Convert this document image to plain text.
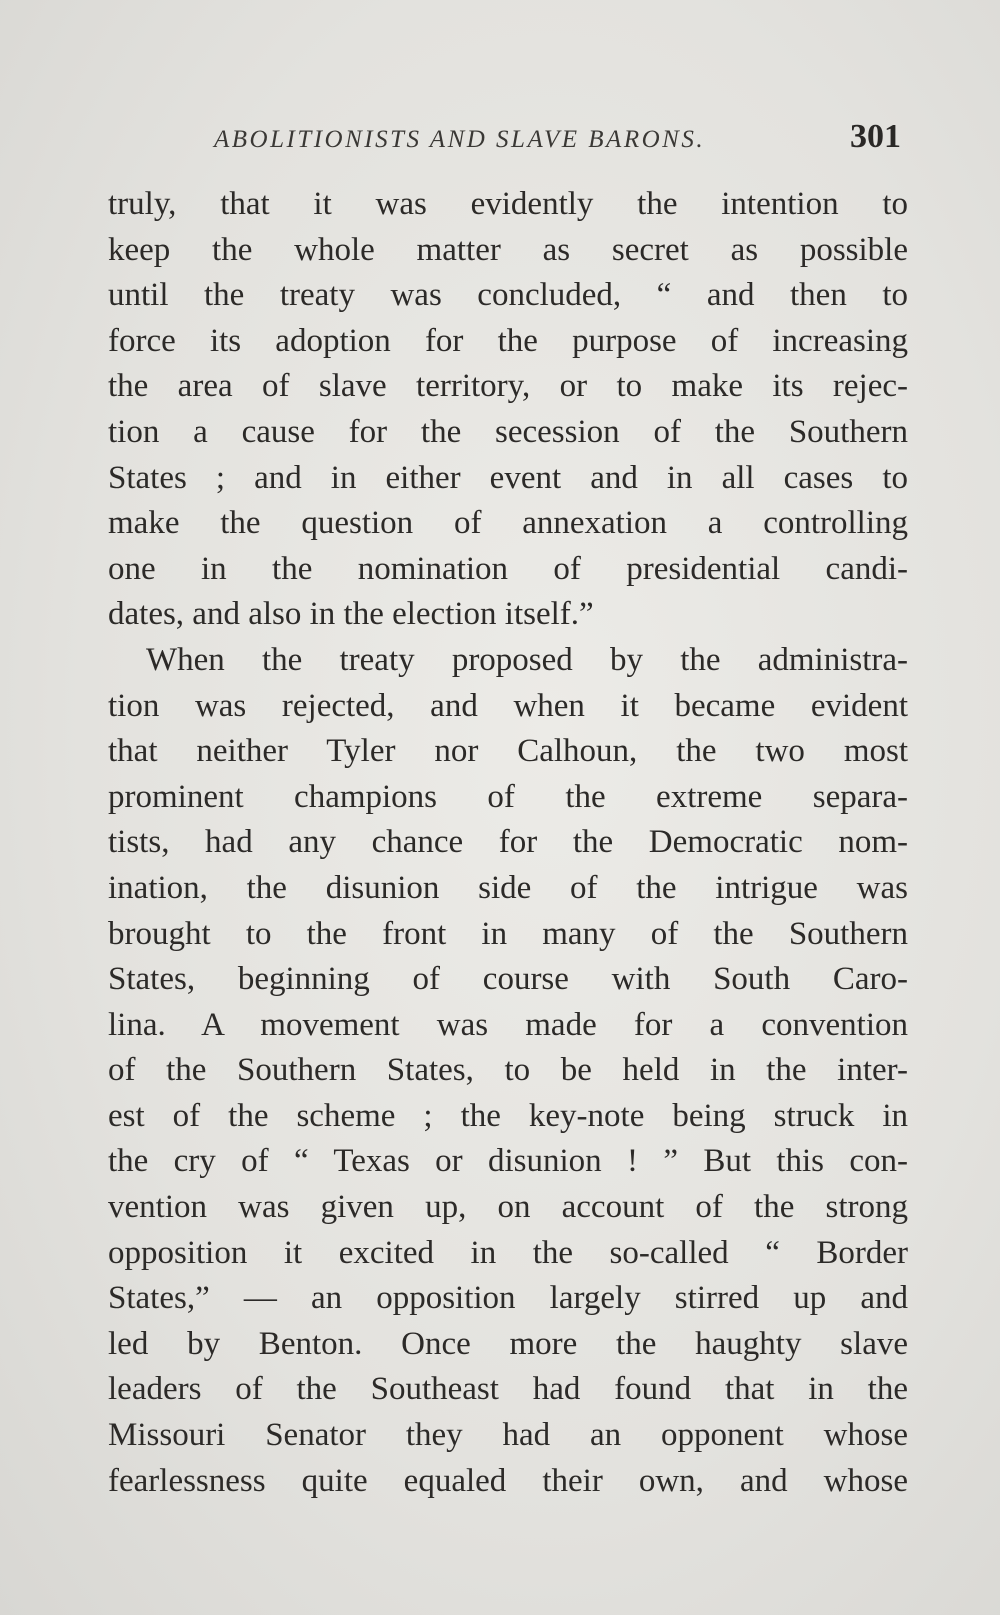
ABOLITIONISTS AND SLAVE BARONS.	301
truly, that it was evidently the intention to
keep the whole matter as secret as possible
until the treaty was concluded, “ and then to
force its adoption for the purpose of increasing
the area of slave territory, or to make its rejec-
tion a cause for the secession of the Southern
States ; and in either event and in all cases to
make the question of annexation a controlling
one in the nomination of presidential candi-
dates, and also in the election itself.”
When the treaty proposed by the administra-
tion was rejected, and when it became evident
that neither Tyler nor Calhoun, the two most
prominent champions of the extreme separa-
tists, had any chance for the Democratic nom-
ination, the disunion side of the intrigue was
brought to the front in many of the Southern
States, beginning of course with South Caro-
lina. A movement was made for a convention
of the Southern States, to be held in the inter-
est of the scheme ; the key-note being struck in
the cry of “ Texas or disunion ! ” But this con-
vention was given up, on account of the strong
opposition it excited in the so-called “ Border
States,” — an opposition largely stirred up and
led by Benton. Once more the haughty slave
leaders of the Southeast had found that in the
Missouri Senator they had an opponent whose
fearlessness quite equaled their own, and whose
